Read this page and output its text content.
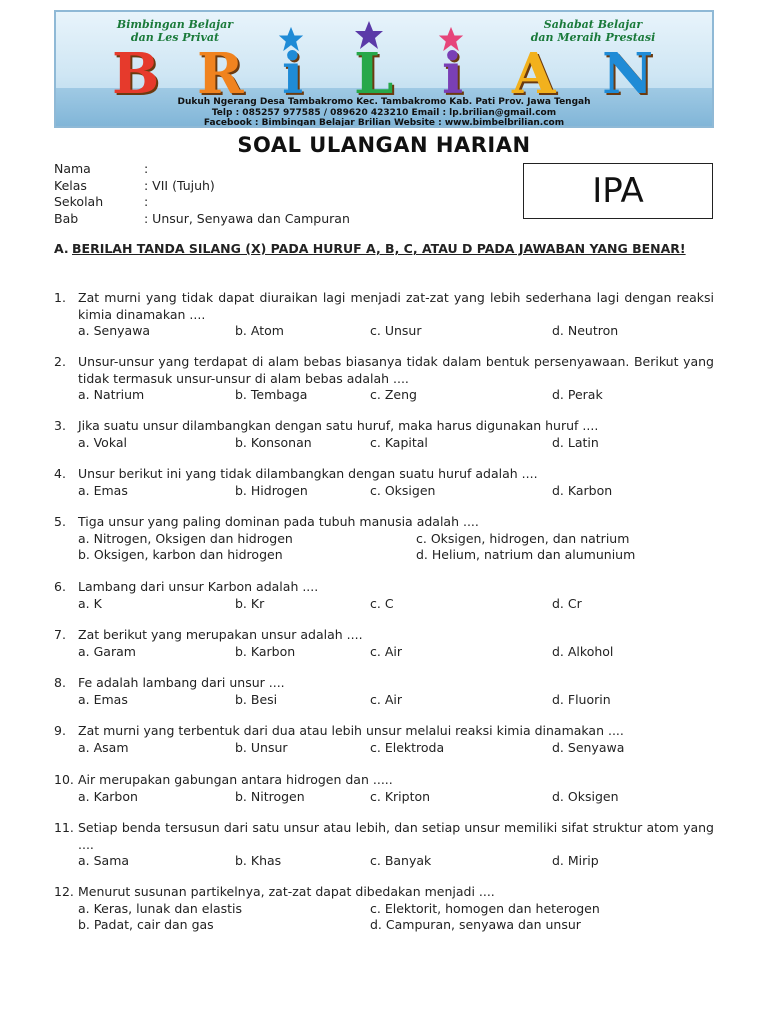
Bimbingan Belajar
dan Les Privat
Sahabat Belajar
dan Meraih Prestasi
B R i L i A N
Dukuh Ngerang Desa Tambakromo Kec. Tambakromo Kab. Pati Prov. Jawa Tengah
Telp : 085257 977585 / 089620 423210 Email : lp.brilian@gmail.com
Facebook : Bimbingan Belajar Brilian Website : www.bimbelbrilian.com
SOAL ULANGAN HARIAN
Nama	:
Kelas	: VII (Tujuh)
Sekolah	:
Bab	: Unsur, Senyawa dan Campuran
IPA
A. BERILAH TANDA SILANG (X) PADA HURUF A, B, C, ATAU D PADA JAWABAN YANG BENAR!
1. Zat murni yang tidak dapat diuraikan lagi menjadi zat-zat yang lebih sederhana lagi dengan reaksi kimia dinamakan ....
a. Senyawa	b. Atom	c. Unsur	d. Neutron
2. Unsur-unsur yang terdapat di alam bebas biasanya tidak dalam bentuk persenyawaan. Berikut yang tidak termasuk unsur-unsur di alam bebas adalah ....
a. Natrium	b. Tembaga	c. Zeng	d. Perak
3. Jika suatu unsur dilambangkan dengan satu huruf, maka harus digunakan huruf ....
a. Vokal	b. Konsonan	c. Kapital	d. Latin
4. Unsur berikut ini yang tidak dilambangkan dengan suatu huruf adalah ....
a. Emas	b. Hidrogen	c. Oksigen	d. Karbon
5. Tiga unsur yang paling dominan pada tubuh manusia adalah ....
a. Nitrogen, Oksigen dan hidrogen	c. Oksigen, hidrogen, dan natrium
b. Oksigen, karbon dan hidrogen	d. Helium, natrium dan alumunium
6. Lambang dari unsur Karbon adalah ....
a. K	b. Kr	c. C	d. Cr
7. Zat berikut yang merupakan unsur adalah ....
a. Garam	b. Karbon	c. Air	d. Alkohol
8. Fe adalah lambang dari unsur ....
a. Emas	b. Besi	c. Air	d. Fluorin
9. Zat murni yang terbentuk dari dua atau lebih unsur melalui reaksi kimia dinamakan ....
a. Asam	b. Unsur	c. Elektroda	d. Senyawa
10. Air merupakan gabungan antara hidrogen dan .....
a. Karbon	b. Nitrogen	c. Kripton	d. Oksigen
11. Setiap benda tersusun dari satu unsur atau lebih, dan setiap unsur memiliki sifat struktur atom yang ....
a. Sama	b. Khas	c. Banyak	d. Mirip
12. Menurut susunan partikelnya, zat-zat dapat dibedakan menjadi ....
a. Keras, lunak dan elastis	c. Elektorit, homogen dan heterogen
b. Padat, cair dan gas	d. Campuran, senyawa dan unsur
